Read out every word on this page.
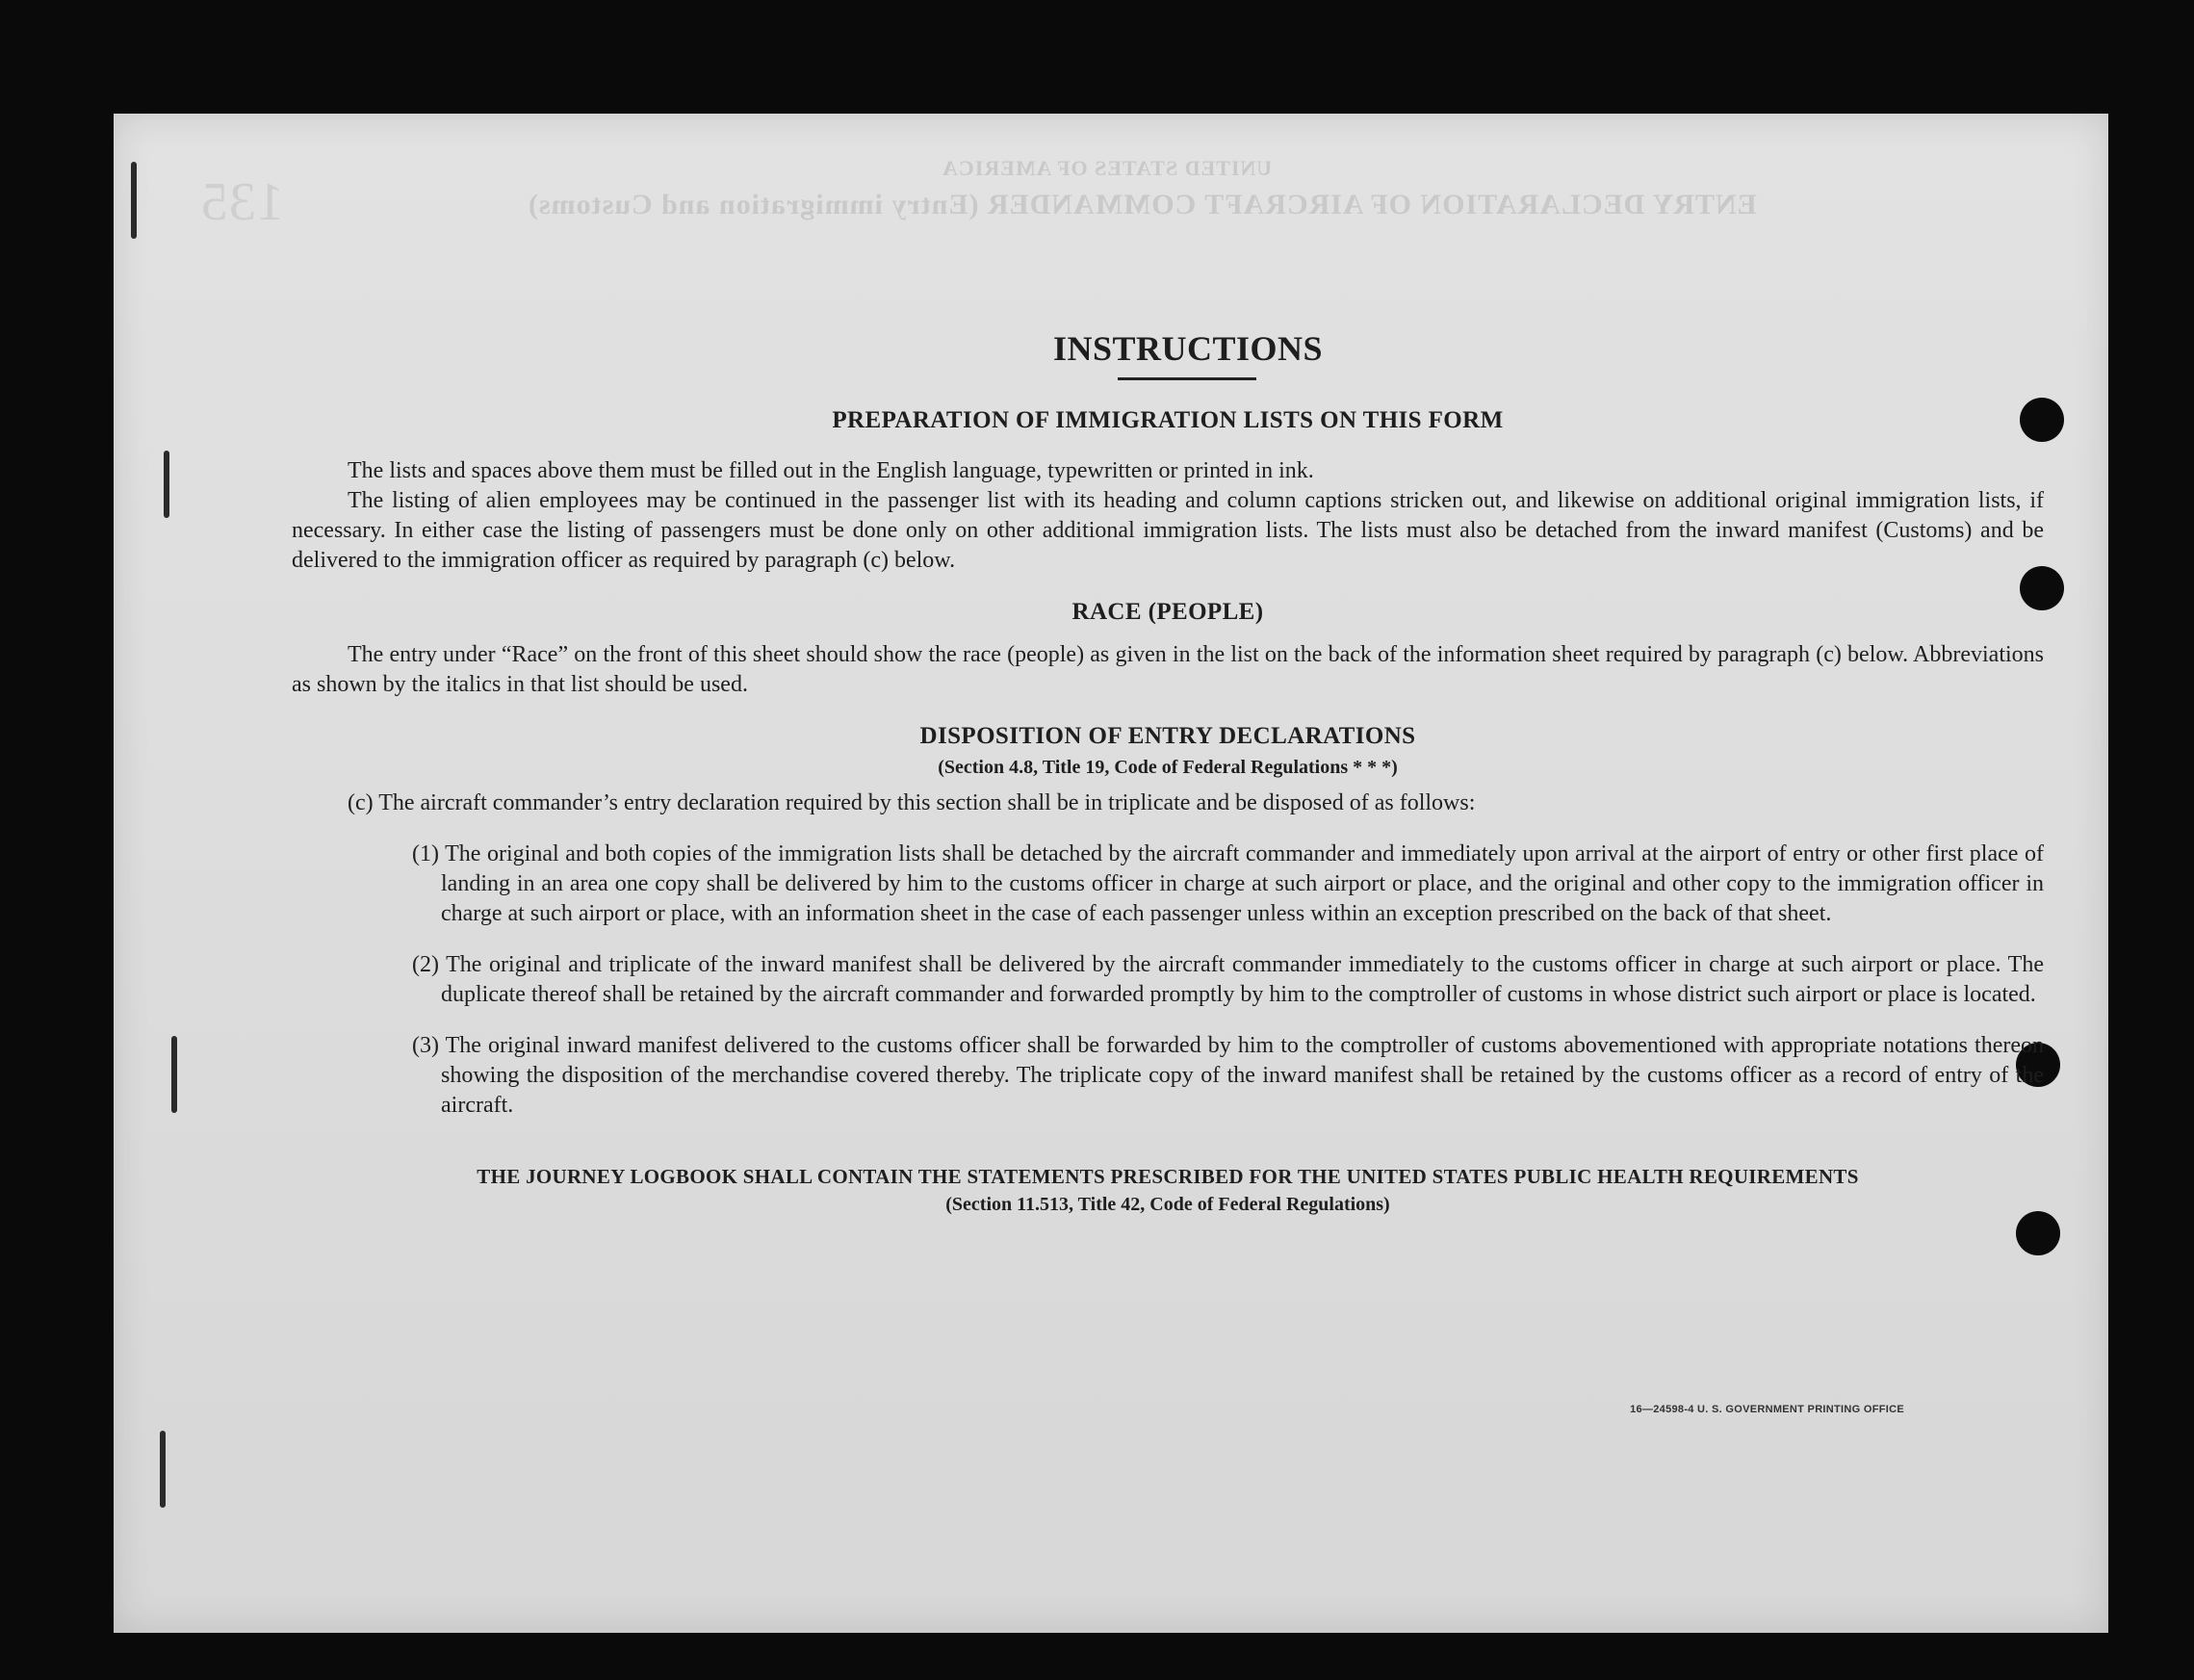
UNITED STATES OF AMERICA
ENTRY DECLARATION OF AIRCRAFT COMMANDER (Entry immigration and Customs)
135
INSTRUCTIONS
PREPARATION OF IMMIGRATION LISTS ON THIS FORM

The lists and spaces above them must be filled out in the English language, typewritten or printed in ink.

The listing of alien employees may be continued in the passenger list with its heading and column captions stricken out, and likewise on additional original immigration lists, if necessary. In either case the listing of passengers must be done only on other additional immigration lists. The lists must also be detached from the inward manifest (Customs) and be delivered to the immigration officer as required by paragraph (c) below.

RACE (PEOPLE)

The entry under “Race” on the front of this sheet should show the race (people) as given in the list on the back of the information sheet required by paragraph (c) below. Abbreviations as shown by the italics in that list should be used.

DISPOSITION OF ENTRY DECLARATIONS
(Section 4.8, Title 19, Code of Federal Regulations * * *)

(c) The aircraft commander’s entry declaration required by this section shall be in triplicate and be disposed of as follows:

(1) The original and both copies of the immigration lists shall be detached by the aircraft commander and immediately upon arrival at the airport of entry or other first place of landing in an area one copy shall be delivered by him to the customs officer in charge at such airport or place, and the original and other copy to the immigration officer in charge at such airport or place, with an information sheet in the case of each passenger unless within an exception prescribed on the back of that sheet.

(2) The original and triplicate of the inward manifest shall be delivered by the aircraft commander immediately to the customs officer in charge at such airport or place. The duplicate thereof shall be retained by the aircraft commander and forwarded promptly by him to the comptroller of customs in whose district such airport or place is located.

(3) The original inward manifest delivered to the customs officer shall be forwarded by him to the comptroller of customs abovementioned with appropriate notations thereon showing the disposition of the merchandise covered thereby. The triplicate copy of the inward manifest shall be retained by the customs officer as a record of entry of the aircraft.

THE JOURNEY LOGBOOK SHALL CONTAIN THE STATEMENTS PRESCRIBED FOR THE UNITED STATES PUBLIC HEALTH REQUIREMENTS
(Section 11.513, Title 42, Code of Federal Regulations)
16—24598-4 U. S. GOVERNMENT PRINTING OFFICE
